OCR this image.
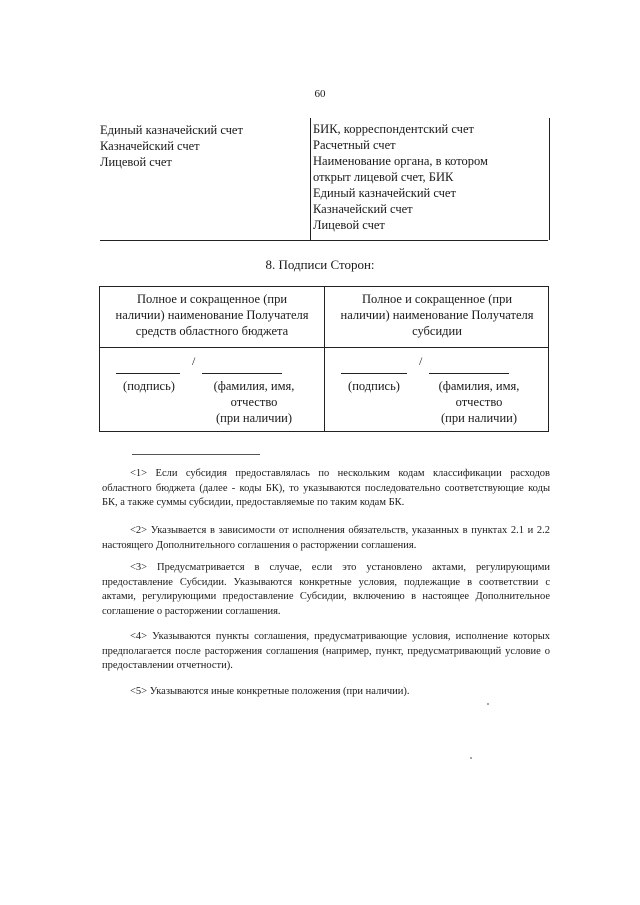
60
Единый казначейский счет
Казначейский счет
Лицевой счет
БИК, корреспондентский счет
Расчетный счет
Наименование органа, в котором
открыт лицевой счет, БИК
Единый казначейский счет
Казначейский счет
Лицевой счет
8. Подписи Сторон:
Полное и сокращенное (при
наличии) наименование Получателя
средств областного бюджета
Полное и сокращенное (при
наличии) наименование Получателя
субсидии
/
(подпись)	(фамилия, имя,
отчество
(при наличии)
/
(подпись)	(фамилия, имя,
отчество
(при наличии)

<1> Если субсидия предоставлялась по нескольким кодам классификации расходов областного бюджета (далее - коды БК), то указываются последовательно соответствующие коды БК, а также суммы субсидии, предоставляемые по таким кодам БК.

<2> Указывается в зависимости от исполнения обязательств, указанных в пунктах 2.1 и 2.2 настоящего Дополнительного соглашения о расторжении соглашения.

<3> Предусматривается в случае, если это установлено актами, регулирующими предоставление Субсидии. Указываются конкретные условия, подлежащие в соответствии с актами, регулирующими предоставление Субсидии, включению в настоящее Дополнительное соглашение о расторжении соглашения.

<4> Указываются пункты соглашения, предусматривающие условия, исполнение которых предполагается после расторжения соглашения (например, пункт, предусматривающий условие о предоставлении отчетности).

<5> Указываются иные конкретные положения (при наличии).
